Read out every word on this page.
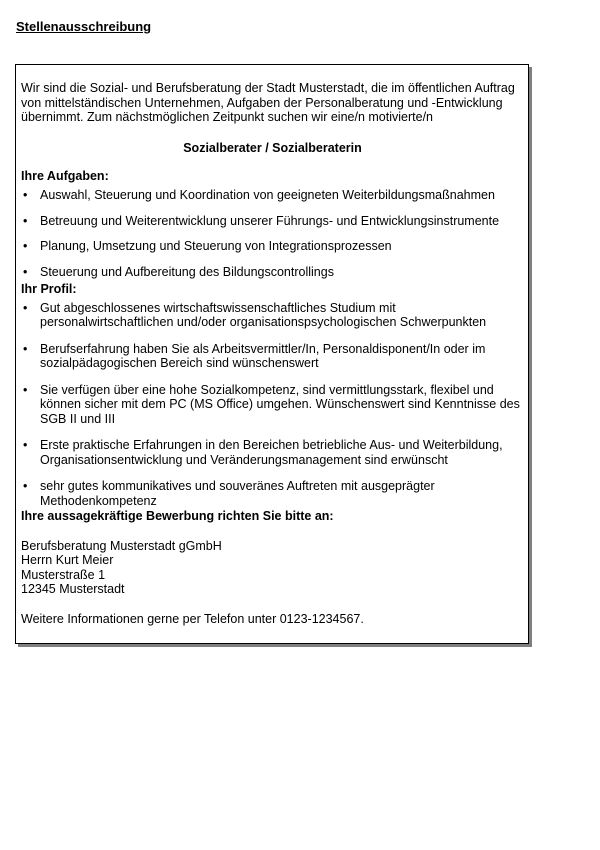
Stellenausschreibung

Wir sind die Sozial- und Berufsberatung der Stadt Musterstadt, die im öffentlichen Auftrag von mittelständischen Unternehmen, Aufgaben der Personalberatung und -Entwicklung übernimmt. Zum nächstmöglichen Zeitpunkt suchen wir eine/n motivierte/n

Sozialberater / Sozialberaterin

Ihre Aufgaben:

• Auswahl, Steuerung und Koordination von geeigneten Weiterbildungsmaßnahmen
• Betreuung und Weiterentwicklung unserer Führungs- und Entwicklungsinstrumente
• Planung, Umsetzung und Steuerung von Integrationsprozessen
• Steuerung und Aufbereitung des Bildungscontrollings

Ihr Profil:

• Gut abgeschlossenes wirtschaftswissenschaftliches Studium mit personalwirtschaftlichen und/oder organisationspsychologischen Schwerpunkten
• Berufserfahrung haben Sie als Arbeitsvermittler/In, Personaldisponent/In oder im sozialpädagogischen Bereich sind wünschenswert
• Sie verfügen über eine hohe Sozialkompetenz, sind vermittlungsstark, flexibel und können sicher mit dem PC (MS Office) umgehen. Wünschenswert sind Kenntnisse des SGB II und III
• Erste praktische Erfahrungen in den Bereichen betriebliche Aus- und Weiterbildung, Organisationsentwicklung und Veränderungsmanagement sind erwünscht
• sehr gutes kommunikatives und souveränes Auftreten mit ausgeprägter Methodenkompetenz

Ihre aussagekräftige Bewerbung richten Sie bitte an:

Berufsberatung Musterstadt gGmbH
Herrn Kurt Meier
Musterstraße 1
12345 Musterstadt

Weitere Informationen gerne per Telefon unter 0123-1234567.
